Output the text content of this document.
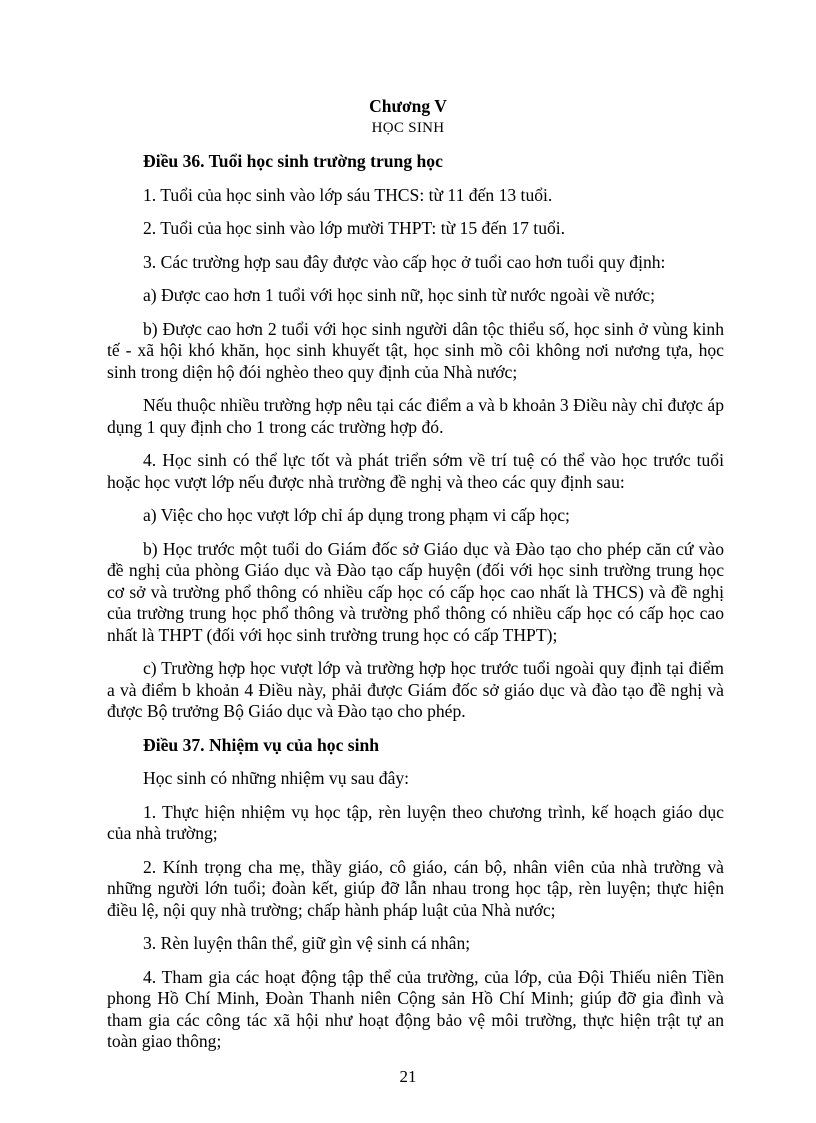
Chương V
HỌC SINH

Điều 36. Tuổi học sinh trường trung học

1. Tuổi của học sinh vào lớp sáu THCS: từ 11 đến 13 tuổi.

2. Tuổi của học sinh vào lớp mười THPT: từ 15 đến 17 tuổi.

3. Các trường hợp sau đây được vào cấp học ở tuổi cao hơn tuổi quy định:

a) Được cao hơn 1 tuổi với học sinh nữ, học sinh từ nước ngoài về nước;

b) Được cao hơn 2 tuổi với học sinh người dân tộc thiểu số, học sinh ở vùng kinh tế - xã hội khó khăn, học sinh khuyết tật, học sinh mồ côi không nơi nương tựa, học sinh trong diện hộ đói nghèo theo quy định của Nhà nước;

Nếu thuộc nhiều trường hợp nêu tại các điểm a và b khoản 3 Điều này chỉ được áp dụng 1 quy định cho 1 trong các trường hợp đó.

4. Học sinh có thể lực tốt và phát triển sớm về trí tuệ có thể vào học trước tuổi hoặc học vượt lớp nếu được nhà trường đề nghị và theo các quy định sau:

a) Việc cho học vượt lớp chỉ áp dụng trong phạm vi cấp học;

b) Học trước một tuổi do Giám đốc sở Giáo dục và Đào tạo cho phép căn cứ vào đề nghị của phòng Giáo dục và Đào tạo cấp huyện (đối với học sinh trường trung học cơ sở và trường phổ thông có nhiều cấp học có cấp học cao nhất là THCS) và đề nghị của trường trung học phổ thông và trường phổ thông có nhiều cấp học có cấp học cao nhất là THPT (đối với học sinh trường trung học có cấp THPT);

c) Trường hợp học vượt lớp và trường hợp học trước tuổi ngoài quy định tại điểm a và điểm b khoản 4 Điều này, phải được Giám đốc sở giáo dục và đào tạo đề nghị và được Bộ trưởng Bộ Giáo dục và Đào tạo cho phép.

Điều 37. Nhiệm vụ của học sinh

Học sinh có những nhiệm vụ sau đây:

1. Thực hiện nhiệm vụ học tập, rèn luyện theo chương trình, kế hoạch giáo dục của nhà trường;

2. Kính trọng cha mẹ, thầy giáo, cô giáo, cán bộ, nhân viên của nhà trường và những người lớn tuổi; đoàn kết, giúp đỡ lẫn nhau trong học tập, rèn luyện; thực hiện điều lệ, nội quy nhà trường; chấp hành pháp luật của Nhà nước;

3. Rèn luyện thân thể, giữ gìn vệ sinh cá nhân;

4. Tham gia các hoạt động tập thể của trường, của lớp, của Đội Thiếu niên Tiền phong Hồ Chí Minh, Đoàn Thanh niên Cộng sản Hồ Chí Minh; giúp đỡ gia đình và tham gia các công tác xã hội như hoạt động bảo vệ môi trường, thực hiện trật tự an toàn giao thông;

21
